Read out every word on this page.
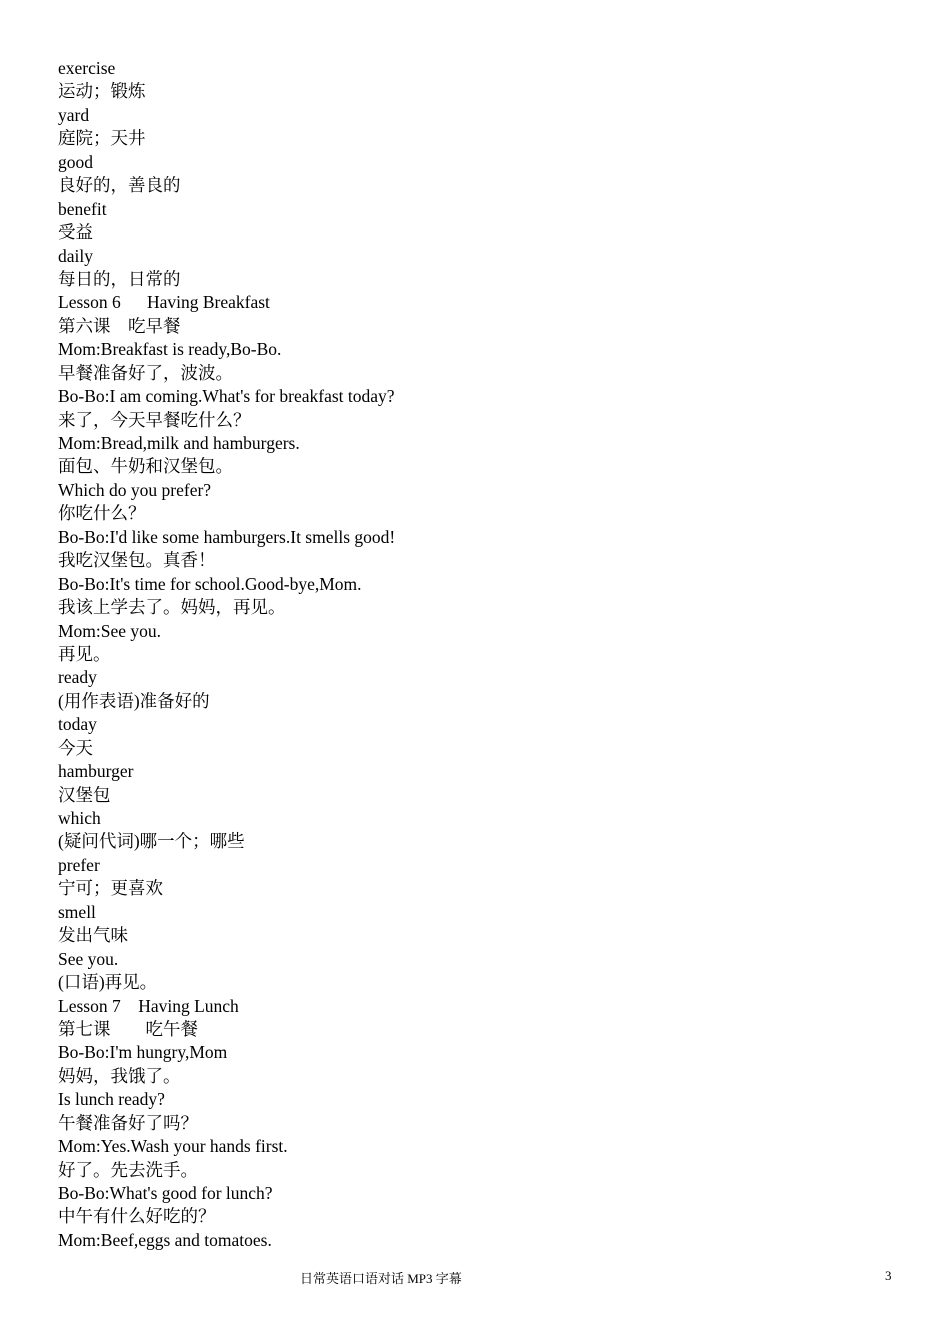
exercise
运动；锻炼
yard
庭院；天井
good
良好的，善良的
benefit
受益
daily
每日的，日常的
Lesson 6      Having Breakfast
第六课    吃早餐
Mom:Breakfast is ready,Bo-Bo.
早餐准备好了，波波。
Bo-Bo:I am coming.What's for breakfast today?
来了，今天早餐吃什么？
Mom:Bread,milk and hamburgers.
面包、牛奶和汉堡包。
Which do you prefer?
你吃什么？
Bo-Bo:I'd like some hamburgers.It smells good!
我吃汉堡包。真香！
Bo-Bo:It's time for school.Good-bye,Mom.
我该上学去了。妈妈，再见。
Mom:See you.
再见。
ready
(用作表语)准备好的
today
今天
hamburger
汉堡包
which
(疑问代词)哪一个；哪些
prefer
宁可；更喜欢
smell
发出气味
See you.
(口语)再见。
Lesson 7    Having Lunch
第七课        吃午餐
Bo-Bo:I'm hungry,Mom
妈妈，我饿了。
Is lunch ready?
午餐准备好了吗？
Mom:Yes.Wash your hands first.
好了。先去洗手。
Bo-Bo:What's good for lunch?
中午有什么好吃的？
Mom:Beef,eggs and tomatoes.
日常英语口语对话 MP3 字幕	3
